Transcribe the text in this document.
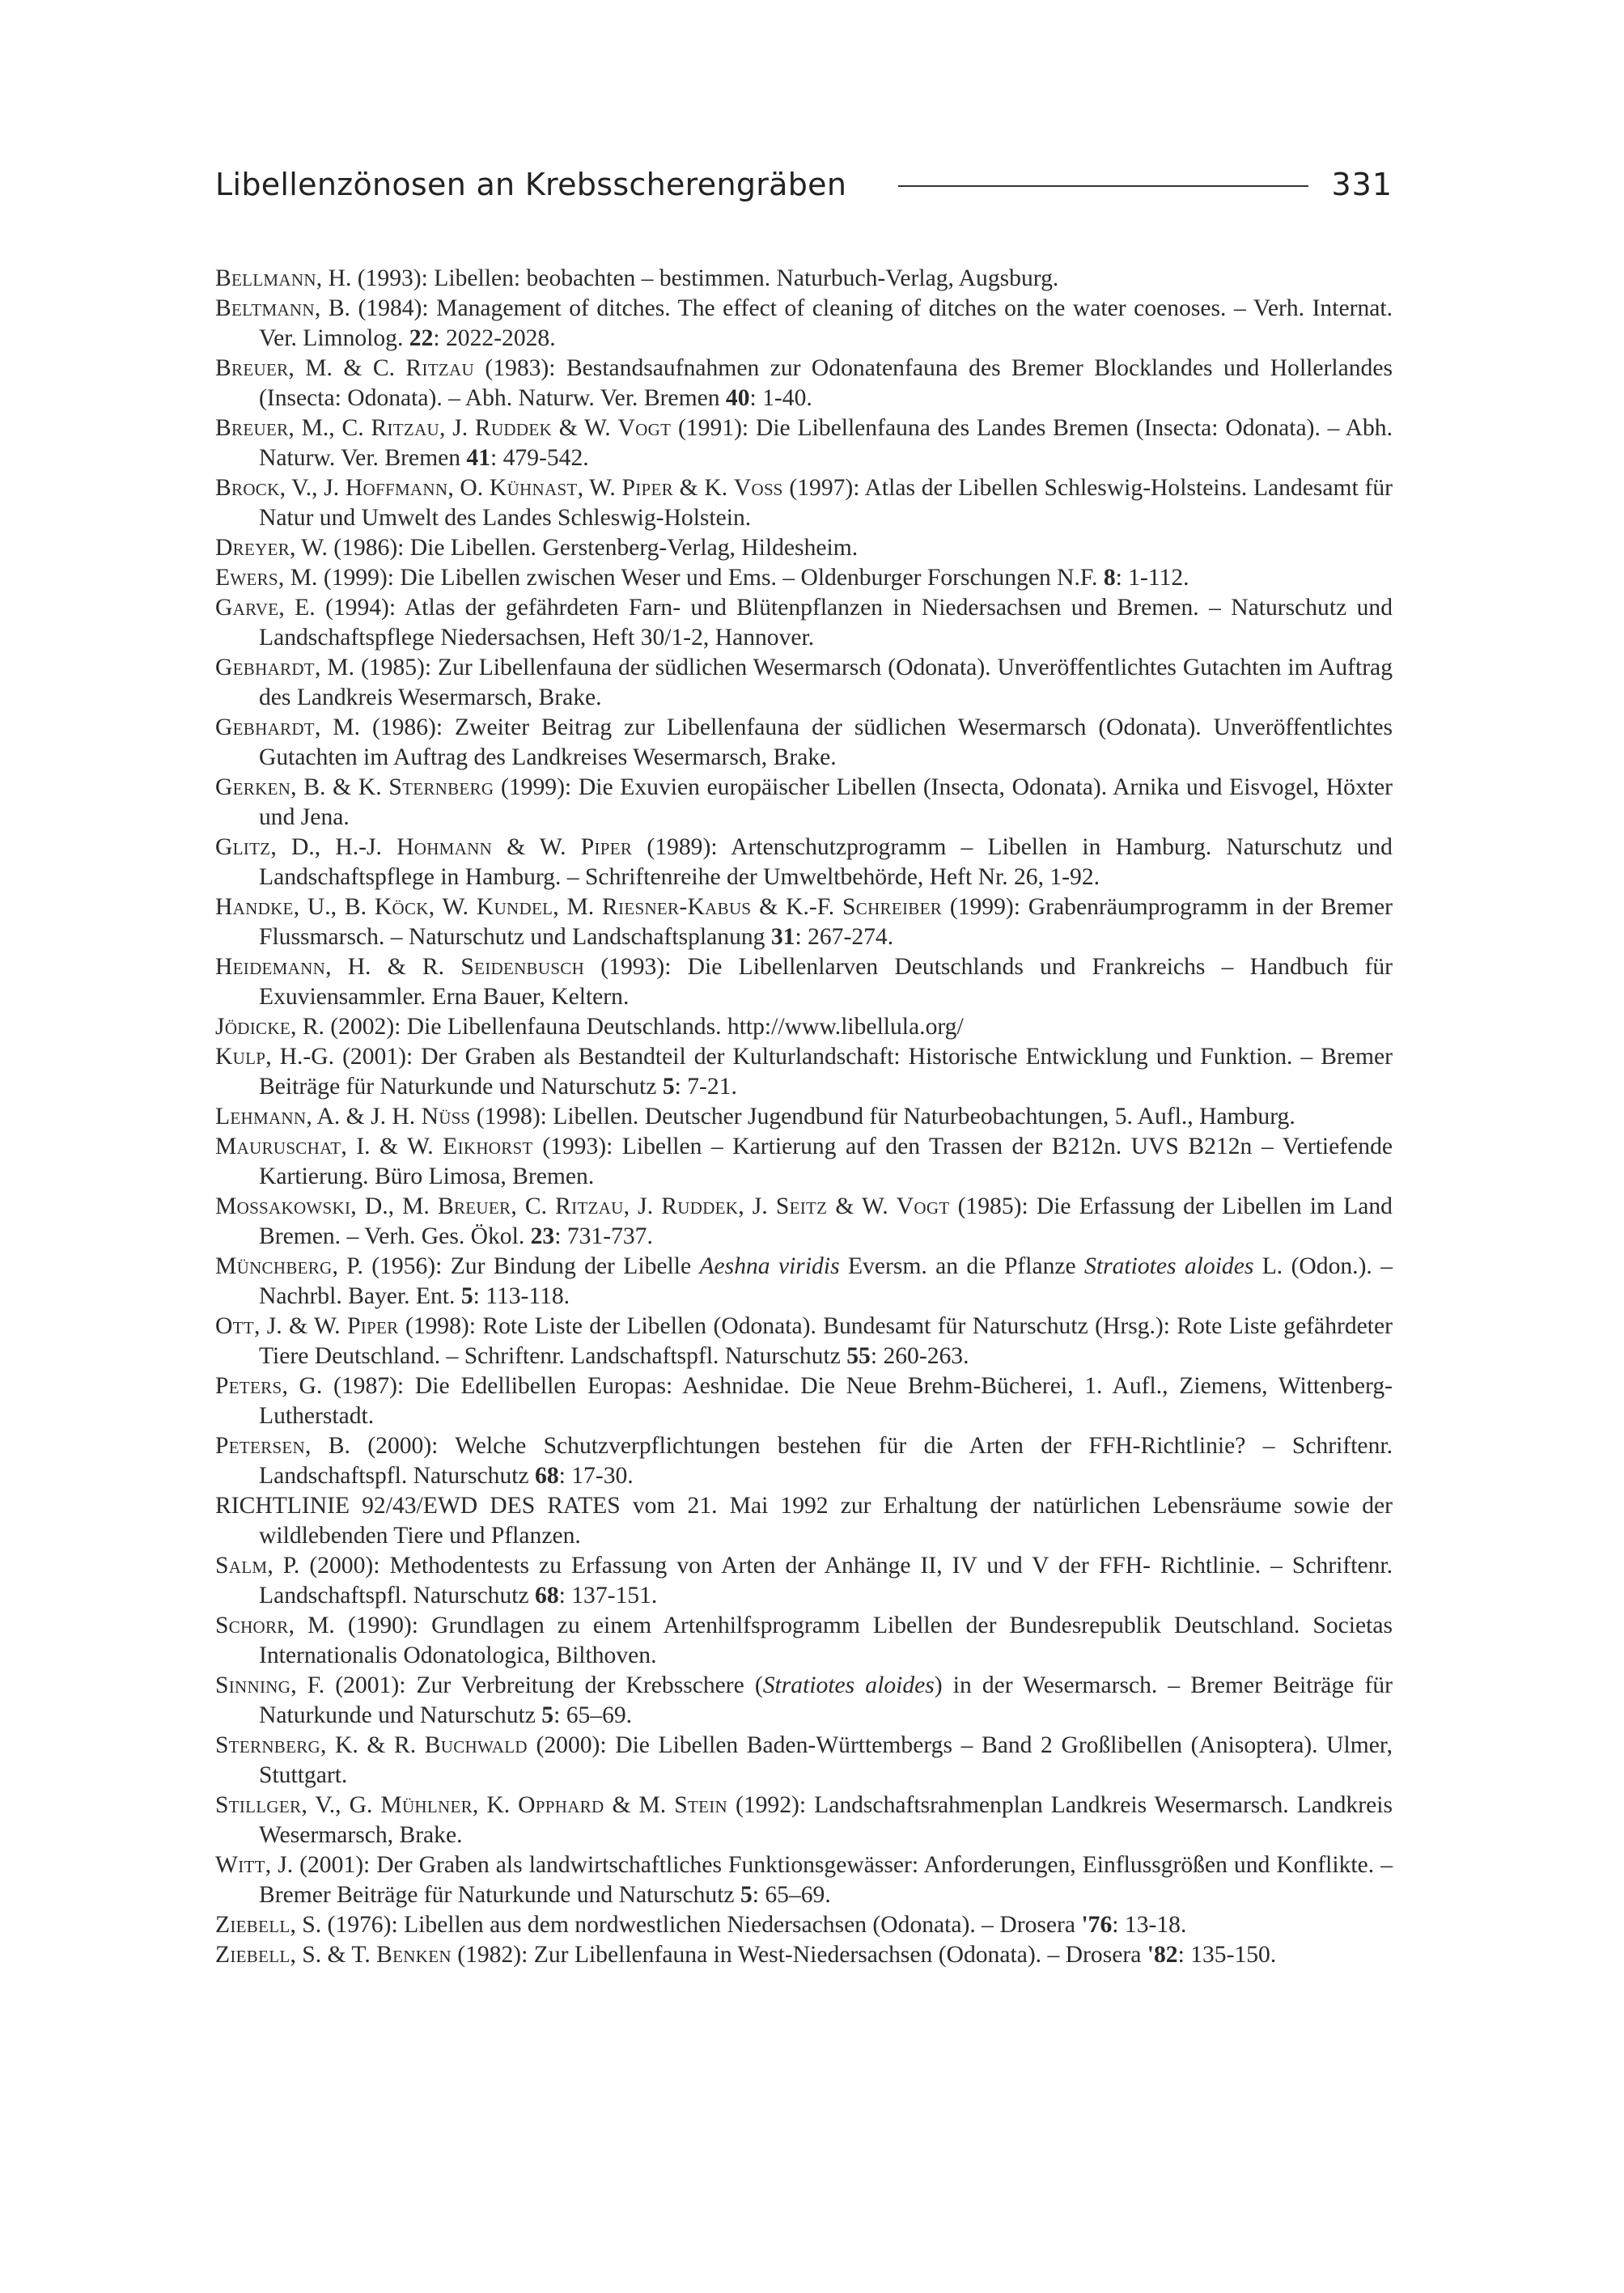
Libellenzönosen an Krebsscherengräben	331
Bellmann, H. (1993): Libellen: beobachten – bestimmen. Naturbuch-Verlag, Augsburg.
Beltmann, B. (1984): Management of ditches. The effect of cleaning of ditches on the water coenoses. – Verh. Internat. Ver. Limnolog. 22: 2022-2028.
Breuer, M. & C. Ritzau (1983): Bestandsaufnahmen zur Odonatenfauna des Bremer Blocklandes und Hollerlandes (Insecta: Odonata). – Abh. Naturw. Ver. Bremen 40: 1-40.
Breuer, M., C. Ritzau, J. Ruddek & W. Vogt (1991): Die Libellenfauna des Landes Bremen (Insecta: Odonata). – Abh. Naturw. Ver. Bremen 41: 479-542.
Brock, V., J. Hoffmann, O. Kühnast, W. Piper & K. Voß (1997): Atlas der Libellen Schleswig-Holsteins. Landesamt für Natur und Umwelt des Landes Schleswig-Holstein.
Dreyer, W. (1986): Die Libellen. Gerstenberg-Verlag, Hildesheim.
Ewers, M. (1999): Die Libellen zwischen Weser und Ems. – Oldenburger Forschungen N.F. 8: 1-112.
Garve, E. (1994): Atlas der gefährdeten Farn- und Blütenpflanzen in Niedersachsen und Bremen. – Naturschutz und Landschaftspflege Niedersachsen, Heft 30/1-2, Hannover.
Gebhardt, M. (1985): Zur Libellenfauna der südlichen Wesermarsch (Odonata). Unveröffentlichtes Gutachten im Auftrag des Landkreis Wesermarsch, Brake.
Gebhardt, M. (1986): Zweiter Beitrag zur Libellenfauna der südlichen Wesermarsch (Odonata). Unveröffentlichtes Gutachten im Auftrag des Landkreises Wesermarsch, Brake.
Gerken, B. & K. Sternberg (1999): Die Exuvien europäischer Libellen (Insecta, Odonata). Arnika und Eisvogel, Höxter und Jena.
Glitz, D., H.-J. Hohmann & W. Piper (1989): Artenschutzprogramm – Libellen in Hamburg. Naturschutz und Landschaftspflege in Hamburg. – Schriftenreihe der Umweltbehörde, Heft Nr. 26, 1-92.
Handke, U., B. Köck, W. Kundel, M. Riesner-Kabus & K.-F. Schreiber (1999): Grabenräumprogramm in der Bremer Flussmarsch. – Naturschutz und Landschaftsplanung 31: 267-274.
Heidemann, H. & R. Seidenbusch (1993): Die Libellenlarven Deutschlands und Frankreichs – Handbuch für Exuviensammler. Erna Bauer, Keltern.
Jödicke, R. (2002): Die Libellenfauna Deutschlands. http://www.libellula.org/
Kulp, H.-G. (2001): Der Graben als Bestandteil der Kulturlandschaft: Historische Entwicklung und Funktion. – Bremer Beiträge für Naturkunde und Naturschutz 5: 7-21.
Lehmann, A. & J. H. Nüß (1998): Libellen. Deutscher Jugendbund für Naturbeobachtungen, 5. Aufl., Hamburg.
Mauruschat, I. & W. Eikhorst (1993): Libellen – Kartierung auf den Trassen der B212n. UVS B212n – Vertiefende Kartierung. Büro Limosa, Bremen.
Mossakowski, D., M. Breuer, C. Ritzau, J. Ruddek, J. Seitz & W. Vogt (1985): Die Erfassung der Libellen im Land Bremen. – Verh. Ges. Ökol. 23: 731-737.
Münchberg, P. (1956): Zur Bindung der Libelle Aeshna viridis Eversm. an die Pflanze Stratiotes aloides L. (Odon.). – Nachrbl. Bayer. Ent. 5: 113-118.
Ott, J. & W. Piper (1998): Rote Liste der Libellen (Odonata). Bundesamt für Naturschutz (Hrsg.): Rote Liste gefährdeter Tiere Deutschland. – Schriftenr. Landschaftspfl. Naturschutz 55: 260-263.
Peters, G. (1987): Die Edellibellen Europas: Aeshnidae. Die Neue Brehm-Bücherei, 1. Aufl., Ziemens, Wittenberg-Lutherstadt.
Petersen, B. (2000): Welche Schutzverpflichtungen bestehen für die Arten der FFH-Richtlinie? – Schriftenr. Landschaftspfl. Naturschutz 68: 17-30.
RICHTLINIE 92/43/EWD DES RATES vom 21. Mai 1992 zur Erhaltung der natürlichen Lebensräume sowie der wildlebenden Tiere und Pflanzen.
Salm, P. (2000): Methodentests zu Erfassung von Arten der Anhänge II, IV und V der FFH- Richtlinie. – Schriftenr. Landschaftspfl. Naturschutz 68: 137-151.
Schorr, M. (1990): Grundlagen zu einem Artenhilfsprogramm Libellen der Bundesrepublik Deutschland. Societas Internationalis Odonatologica, Bilthoven.
Sinning, F. (2001): Zur Verbreitung der Krebsschere (Stratiotes aloides) in der Wesermarsch. – Bremer Beiträge für Naturkunde und Naturschutz 5: 65–69.
Sternberg, K. & R. Buchwald (2000): Die Libellen Baden-Württembergs – Band 2 Großlibellen (Anisoptera). Ulmer, Stuttgart.
Stillger, V., G. Mühlner, K. Opphard & M. Stein (1992): Landschaftsrahmenplan Landkreis Wesermarsch. Landkreis Wesermarsch, Brake.
Witt, J. (2001): Der Graben als landwirtschaftliches Funktionsgewässer: Anforderungen, Einflussgrößen und Konflikte. – Bremer Beiträge für Naturkunde und Naturschutz 5: 65–69.
Ziebell, S. (1976): Libellen aus dem nordwestlichen Niedersachsen (Odonata). – Drosera '76: 13-18.
Ziebell, S. & T. Benken (1982): Zur Libellenfauna in West-Niedersachsen (Odonata). – Drosera '82: 135-150.
